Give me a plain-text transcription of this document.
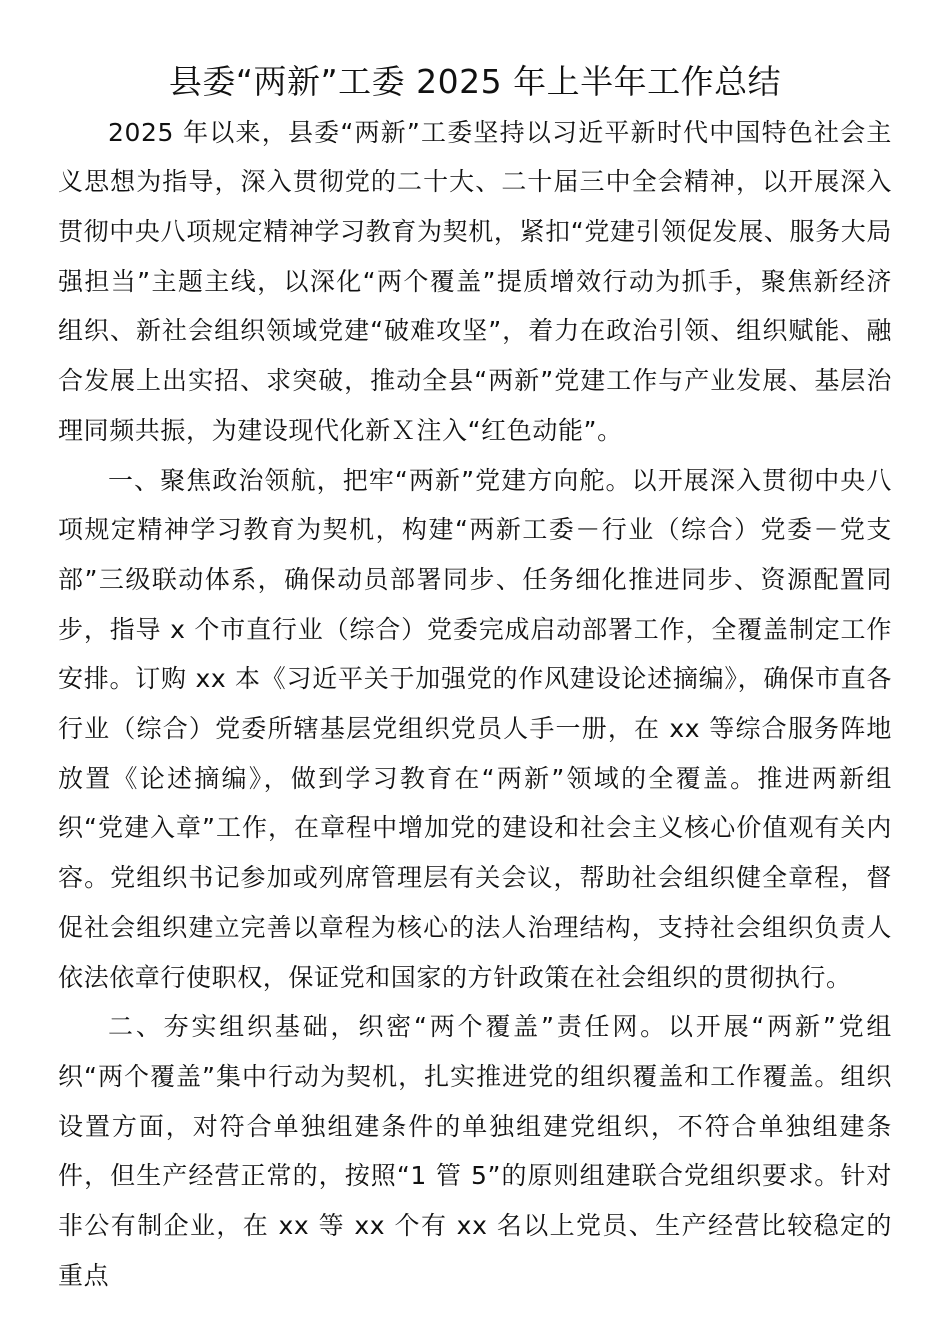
县委“两新”工委 2025 年上半年工作总结

2025 年以来，县委“两新”工委坚持以习近平新时代中国特色社会主义思想为指导，深入贯彻党的二十大、二十届三中全会精神，以开展深入贯彻中央八项规定精神学习教育为契机，紧扣“党建引领促发展、服务大局强担当”主题主线，以深化“两个覆盖”提质增效行动为抓手，聚焦新经济组织、新社会组织领域党建“破难攻坚”，着力在政治引领、组织赋能、融合发展上出实招、求突破，推动全县“两新”党建工作与产业发展、基层治理同频共振，为建设现代化新Ｘ注入“红色动能”。

一、聚焦政治领航，把牢“两新”党建方向舵。以开展深入贯彻中央八项规定精神学习教育为契机，构建“两新工委－行业（综合）党委－党支部”三级联动体系，确保动员部署同步、任务细化推进同步、资源配置同步，指导 x 个市直行业（综合）党委完成启动部署工作，全覆盖制定工作安排。订购 xx 本《习近平关于加强党的作风建设论述摘编》，确保市直各行业（综合）党委所辖基层党组织党员人手一册，在 xx 等综合服务阵地放置《论述摘编》，做到学习教育在“两新”领域的全覆盖。推进两新组织“党建入章”工作，在章程中增加党的建设和社会主义核心价值观有关内容。党组织书记参加或列席管理层有关会议，帮助社会组织健全章程，督促社会组织建立完善以章程为核心的法人治理结构，支持社会组织负责人依法依章行使职权，保证党和国家的方针政策在社会组织的贯彻执行。

二、夯实组织基础，织密“两个覆盖”责任网。以开展“两新”党组织“两个覆盖”集中行动为契机，扎实推进党的组织覆盖和工作覆盖。组织设置方面，对符合单独组建条件的单独组建党组织，不符合单独组建条件，但生产经营正常的，按照“1 管 5”的原则组建联合党组织要求。针对非公有制企业，在 xx 等 xx 个有 xx 名以上党员、生产经营比较稳定的重点
